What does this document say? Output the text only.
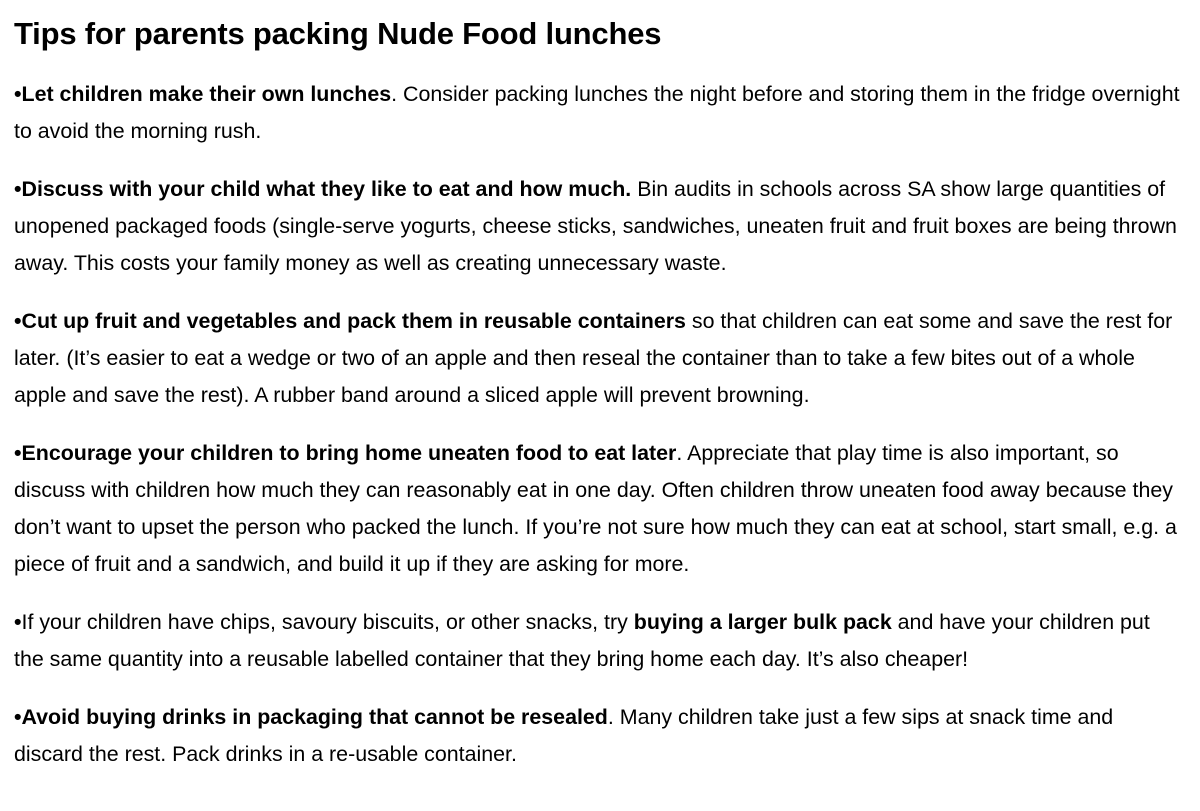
Tips for parents packing Nude Food lunches

•Let children make their own lunches. Consider packing lunches the night before and storing them in the fridge overnight to avoid the morning rush.

•Discuss with your child what they like to eat and how much. Bin audits in schools across SA show large quantities of unopened packaged foods (single-serve yogurts, cheese sticks, sandwiches, uneaten fruit and fruit boxes are being thrown away. This costs your family money as well as creating unnecessary waste.

•Cut up fruit and vegetables and pack them in reusable containers so that children can eat some and save the rest for later. (It’s easier to eat a wedge or two of an apple and then reseal the container than to take a few bites out of a whole apple and save the rest). A rubber band around a sliced apple will prevent browning.

•Encourage your children to bring home uneaten food to eat later. Appreciate that play time is also important, so discuss with children how much they can reasonably eat in one day. Often children throw uneaten food away because they don’t want to upset the person who packed the lunch. If you’re not sure how much they can eat at school, start small, e.g. a piece of fruit and a sandwich, and build it up if they are asking for more.

•If your children have chips, savoury biscuits, or other snacks, try buying a larger bulk pack and have your children put the same quantity into a reusable labelled container that they bring home each day. It’s also cheaper!

•Avoid buying drinks in packaging that cannot be resealed. Many children take just a few sips at snack time and discard the rest. Pack drinks in a re-usable container.
